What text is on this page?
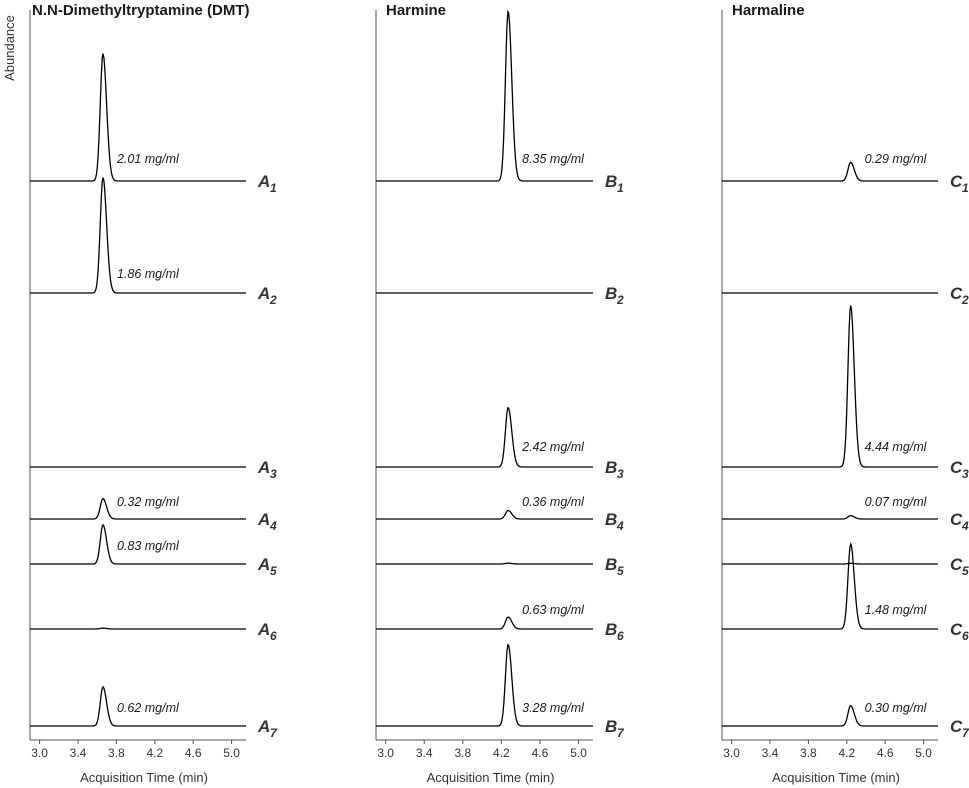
Abundance
N.N-Dimethyltryptamine (DMT)
3.0 3.4 3.8 4.2 4.6 5.0
Acquisition Time (min)
2.01 mg/ml
A 1
1.86 mg/ml
A 2
A 3
0.32 mg/ml
A 4
0.83 mg/ml
A 5
A 6
0.62 mg/ml
A 7
Harmine
3.0 3.4 3.8 4.2 4.6 5.0
Acquisition Time (min)
8.35 mg/ml
B 1
B 2
2.42 mg/ml
B 3
0.36 mg/ml
B 4
B 5
0.63 mg/ml
B 6
3.28 mg/ml
B 7
Harmaline
3.0 3.4 3.8 4.2 4.6 5.0
Acquisition Time (min)
0.29 mg/ml
C 1
C 2
4.44 mg/ml
C 3
0.07 mg/ml
C 4
C 5
1.48 mg/ml
C 6
0.30 mg/ml
C 7
